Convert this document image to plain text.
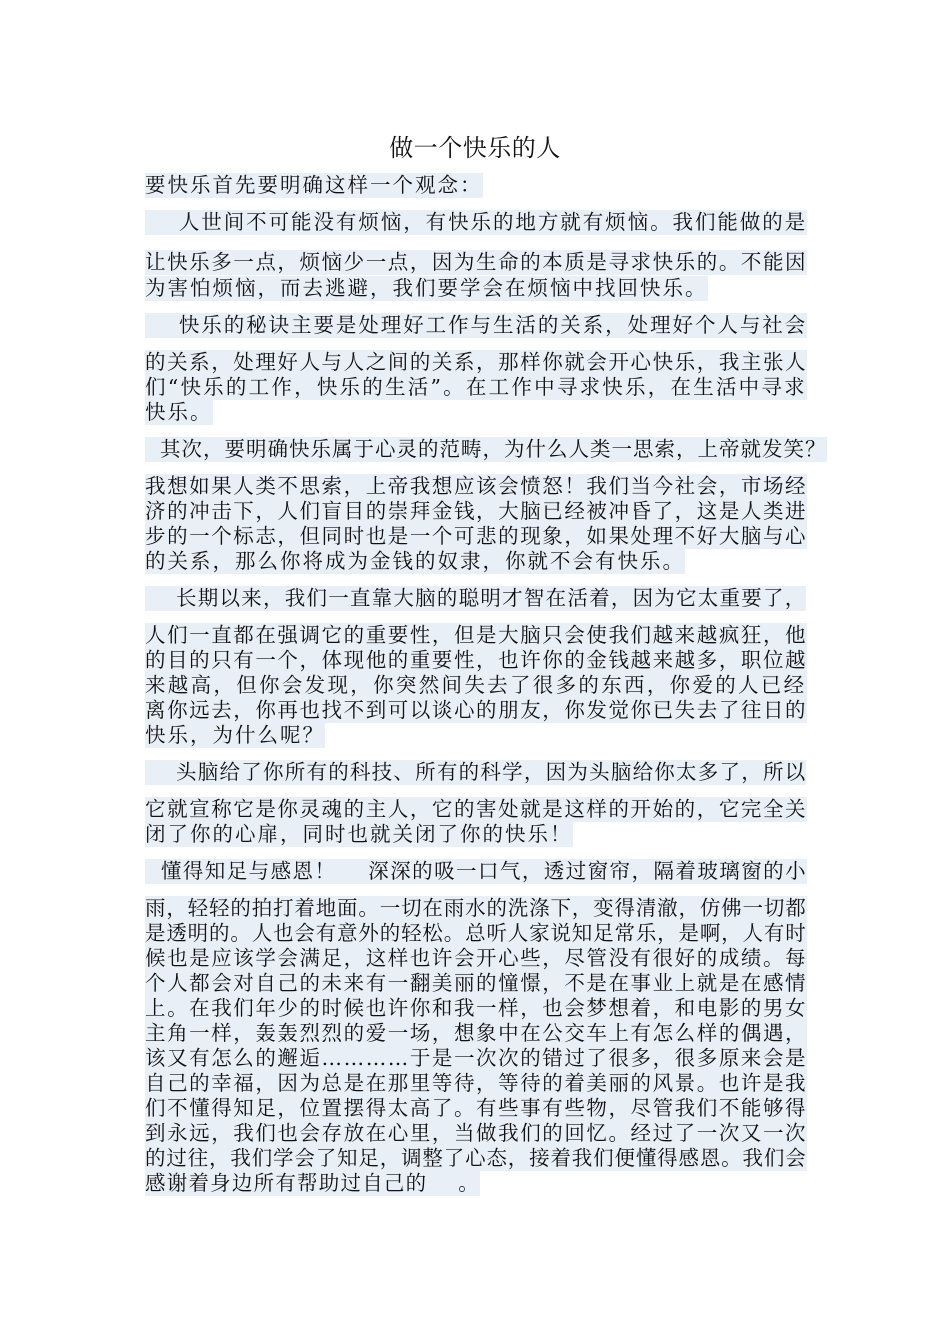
做一个快乐的人
要快乐首先要明确这样一个观念：
人世间不可能没有烦恼，有快乐的地方就有烦恼。我们能做的是
让快乐多一点，烦恼少一点，因为生命的本质是寻求快乐的。不能因
为害怕烦恼，而去逃避，我们要学会在烦恼中找回快乐。
快乐的秘诀主要是处理好工作与生活的关系，处理好个人与社会
的关系，处理好人与人之间的关系，那样你就会开心快乐，我主张人
们“快乐的工作，快乐的生活”。在工作中寻求快乐，在生活中寻求
快乐。
其次，要明确快乐属于心灵的范畴，为什么人类一思索，上帝就发笑？
我想如果人类不思索，上帝我想应该会愤怒！我们当今社会，市场经
济的冲击下，人们盲目的崇拜金钱，大脑已经被冲昏了，这是人类进
步的一个标志，但同时也是一个可悲的现象，如果处理不好大脑与心
的关系，那么你将成为金钱的奴隶，你就不会有快乐。
长期以来，我们一直靠大脑的聪明才智在活着，因为它太重要了，
人们一直都在强调它的重要性，但是大脑只会使我们越来越疯狂，他
的目的只有一个，体现他的重要性，也许你的金钱越来越多，职位越
来越高，但你会发现，你突然间失去了很多的东西，你爱的人已经
离你远去，你再也找不到可以谈心的朋友，你发觉你已失去了往日的
快乐，为什么呢？
头脑给了你所有的科技、所有的科学，因为头脑给你太多了，所以
它就宣称它是你灵魂的主人，它的害处就是这样的开始的，它完全关
闭了你的心扉，同时也就关闭了你的快乐！
懂得知足与感恩！    深深的吸一口气，透过窗帘，隔着玻璃窗的小
雨，轻轻的拍打着地面。一切在雨水的洗涤下，变得清澈，仿佛一切都
是透明的。人也会有意外的轻松。总听人家说知足常乐，是啊，人有时
候也是应该学会满足，这样也许会开心些，尽管没有很好的成绩。每
个人都会对自己的未来有一翻美丽的憧憬，不是在事业上就是在感情
上。在我们年少的时候也许你和我一样，也会梦想着，和电影的男女
主角一样，轰轰烈烈的爱一场，想象中在公交车上有怎么样的偶遇，
该又有怎么的邂逅…………于是一次次的错过了很多，很多原来会是
自己的幸福，因为总是在那里等待，等待的着美丽的风景。也许是我
们不懂得知足，位置摆得太高了。有些事有些物，尽管我们不能够得
到永远，我们也会存放在心里，当做我们的回忆。经过了一次又一次
的过往，我们学会了知足，调整了心态，接着我们便懂得感恩。我们会
感谢着身边所有帮助过自己的    。
